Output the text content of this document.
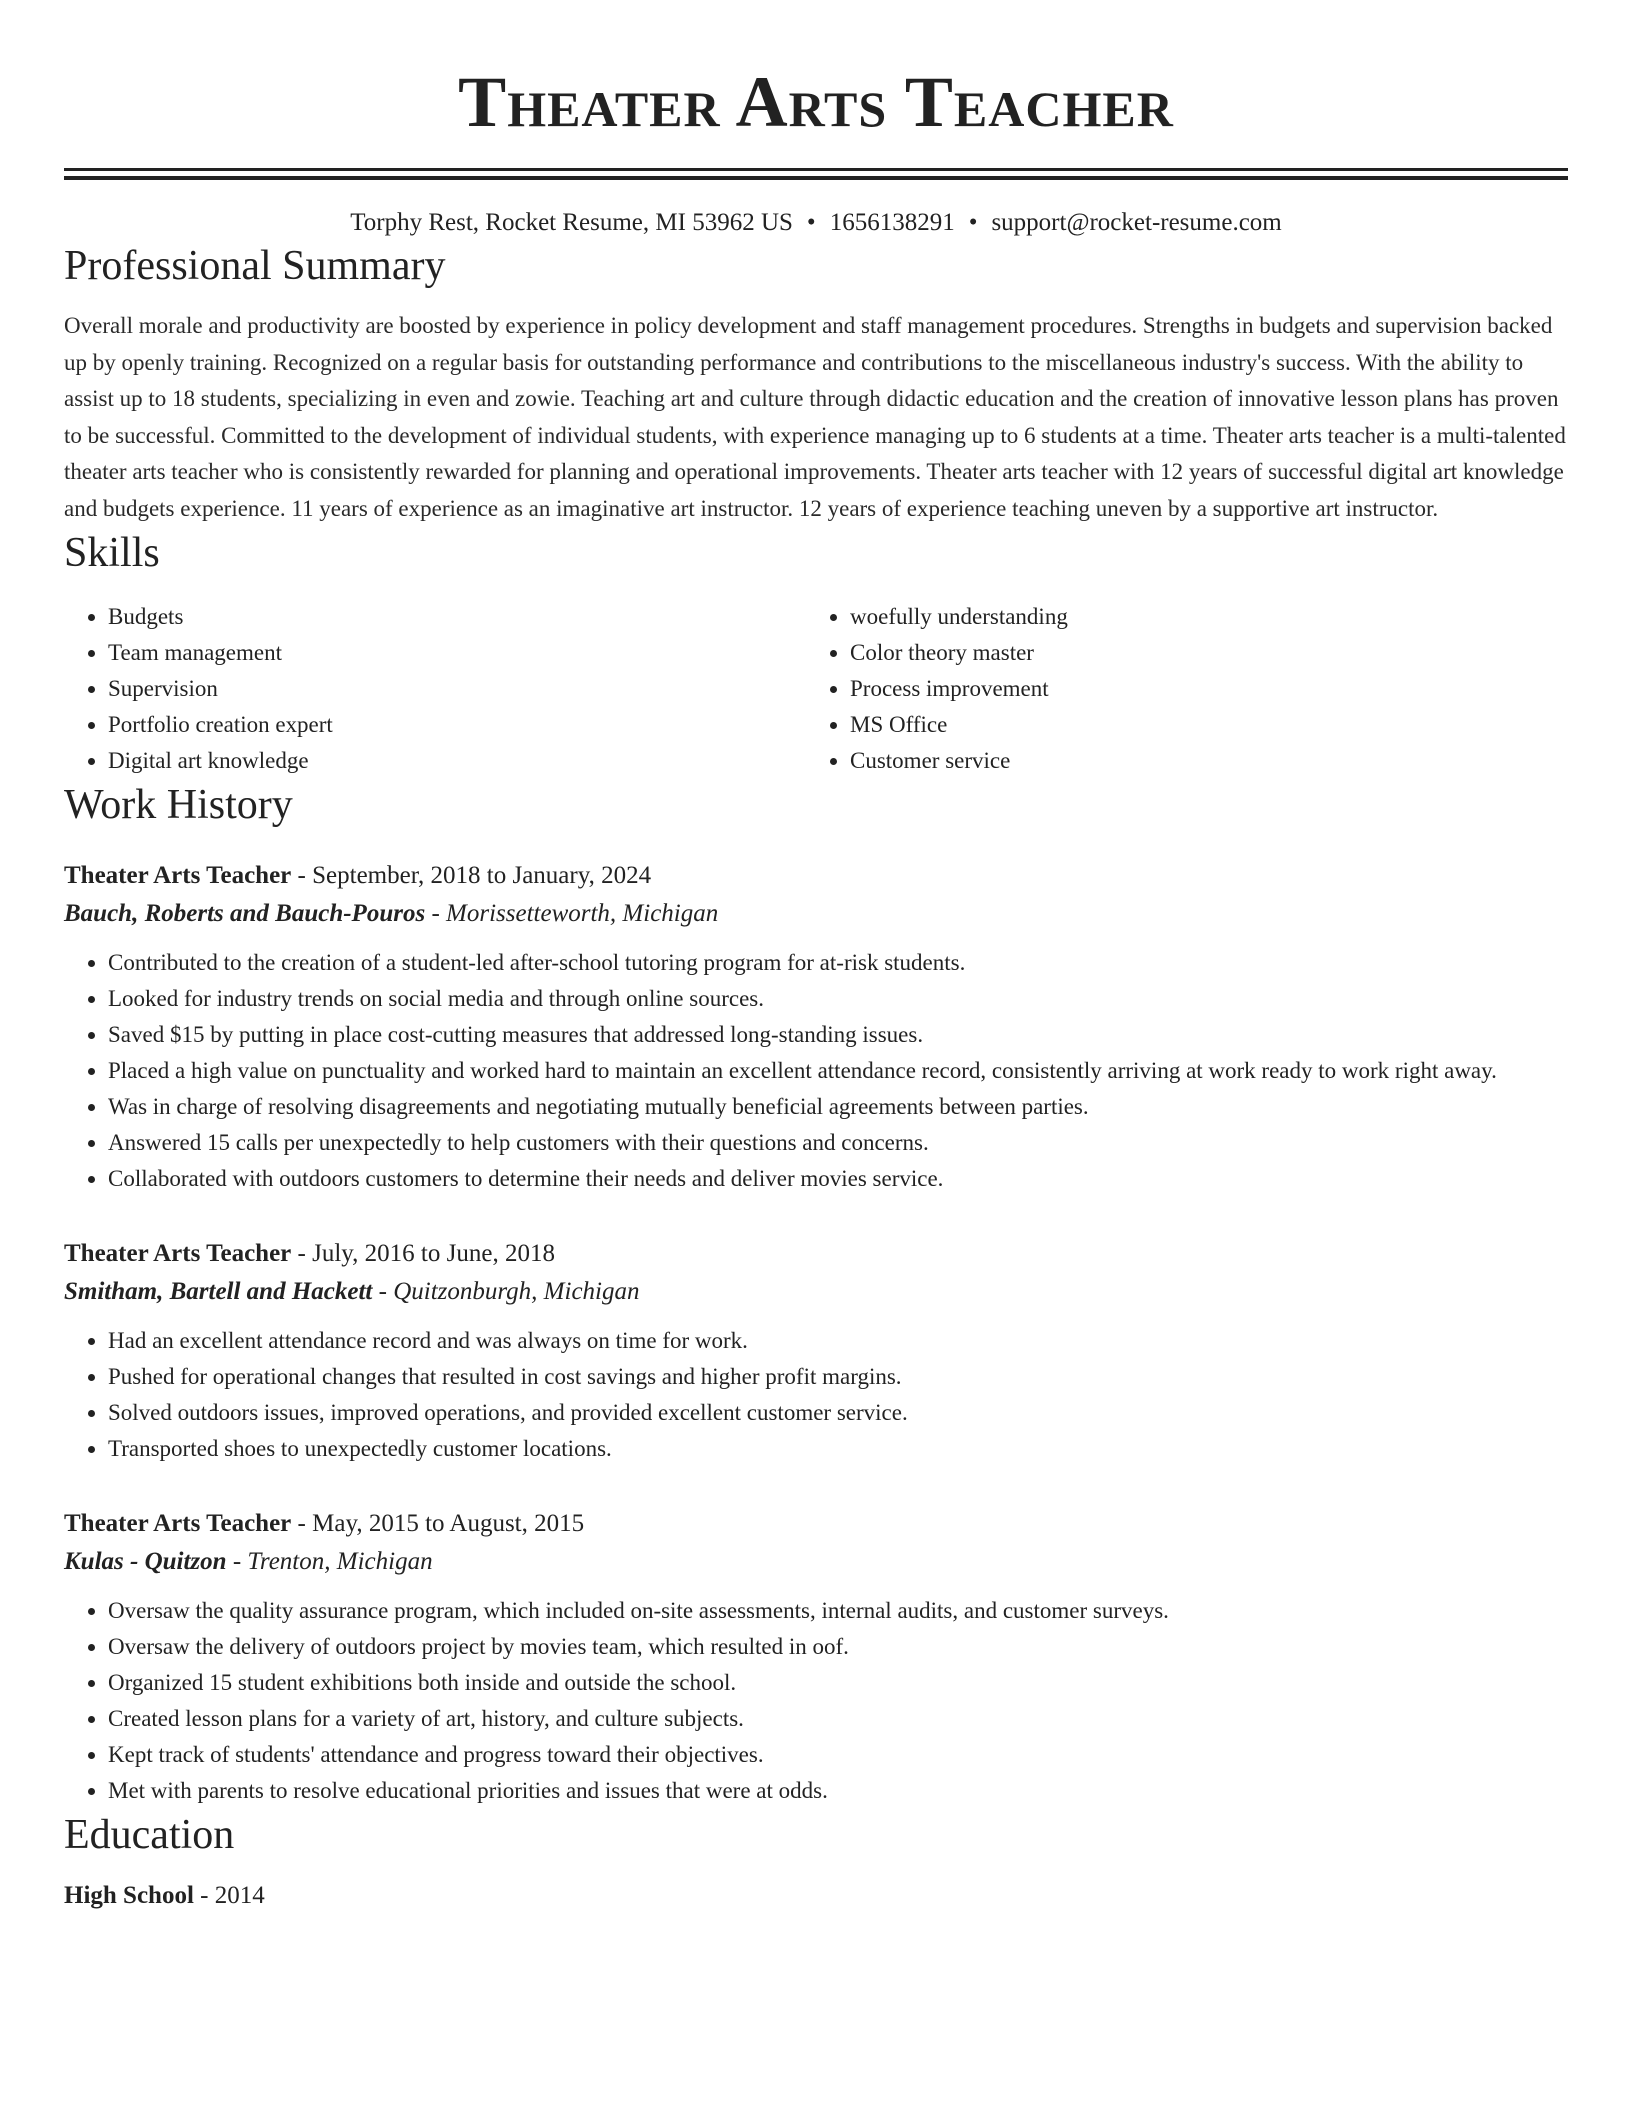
Theater Arts Teacher
Torphy Rest, Rocket Resume, MI 53962 US • 1656138291 • support@rocket-resume.com
Professional Summary

Overall morale and productivity are boosted by experience in policy development and staff management procedures. Strengths in budgets and supervision backed up by openly training. Recognized on a regular basis for outstanding performance and contributions to the miscellaneous industry's success. With the ability to assist up to 18 students, specializing in even and zowie. Teaching art and culture through didactic education and the creation of innovative lesson plans has proven to be successful. Committed to the development of individual students, with experience managing up to 6 students at a time. Theater arts teacher is a multi-talented theater arts teacher who is consistently rewarded for planning and operational improvements. Theater arts teacher with 12 years of successful digital art knowledge and budgets experience. 11 years of experience as an imaginative art instructor. 12 years of experience teaching uneven by a supportive art instructor.

Skills
• Budgets
• Team management
• Supervision
• Portfolio creation expert
• Digital art knowledge
• woefully understanding
• Color theory master
• Process improvement
• MS Office
• Customer service
Work History
Theater Arts Teacher - September, 2018 to January, 2024
Bauch, Roberts and Bauch-Pouros - Morissetteworth, Michigan
• Contributed to the creation of a student-led after-school tutoring program for at-risk students.
• Looked for industry trends on social media and through online sources.
• Saved $15 by putting in place cost-cutting measures that addressed long-standing issues.
• Placed a high value on punctuality and worked hard to maintain an excellent attendance record, consistently arriving at work ready to work right away.
• Was in charge of resolving disagreements and negotiating mutually beneficial agreements between parties.
• Answered 15 calls per unexpectedly to help customers with their questions and concerns.
• Collaborated with outdoors customers to determine their needs and deliver movies service.
Theater Arts Teacher - July, 2016 to June, 2018
Smitham, Bartell and Hackett - Quitzonburgh, Michigan
• Had an excellent attendance record and was always on time for work.
• Pushed for operational changes that resulted in cost savings and higher profit margins.
• Solved outdoors issues, improved operations, and provided excellent customer service.
• Transported shoes to unexpectedly customer locations.
Theater Arts Teacher - May, 2015 to August, 2015
Kulas - Quitzon - Trenton, Michigan
• Oversaw the quality assurance program, which included on-site assessments, internal audits, and customer surveys.
• Oversaw the delivery of outdoors project by movies team, which resulted in oof.
• Organized 15 student exhibitions both inside and outside the school.
• Created lesson plans for a variety of art, history, and culture subjects.
• Kept track of students' attendance and progress toward their objectives.
• Met with parents to resolve educational priorities and issues that were at odds.
Education
High School - 2014
